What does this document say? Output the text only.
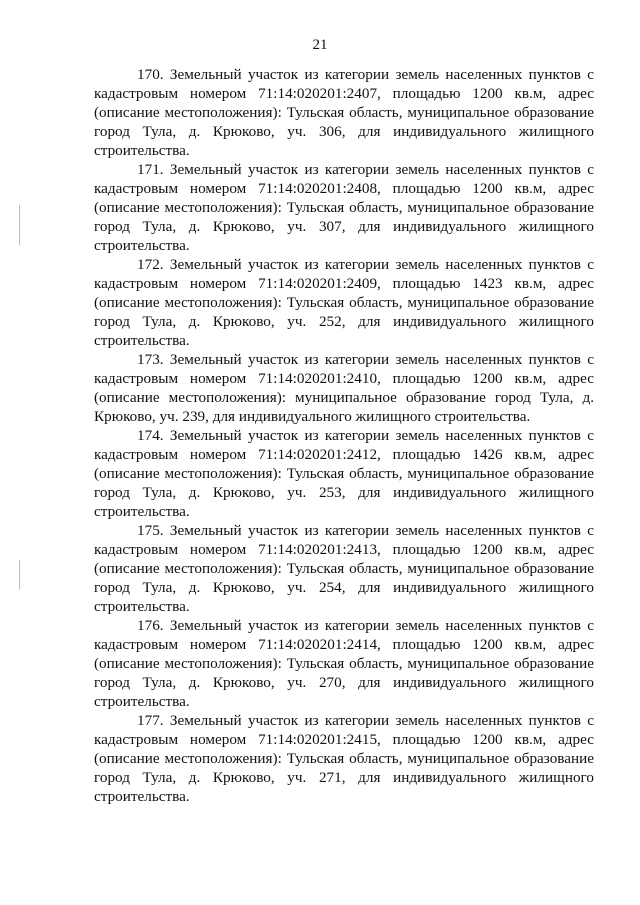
21

170. Земельный участок из категории земель населенных пунктов с кадастровым номером 71:14:020201:2407, площадью 1200 кв.м, адрес (описание местоположения): Тульская область, муниципальное образование город Тула, д. Крюково, уч. 306, для индивидуального жилищного строительства.

171. Земельный участок из категории земель населенных пунктов с кадастровым номером 71:14:020201:2408, площадью 1200 кв.м, адрес (описание местоположения): Тульская область, муниципальное образование город Тула, д. Крюково, уч. 307, для индивидуального жилищного строительства.

172. Земельный участок из категории земель населенных пунктов с кадастровым номером 71:14:020201:2409, площадью 1423 кв.м, адрес (описание местоположения): Тульская область, муниципальное образование город Тула, д. Крюково, уч. 252, для индивидуального жилищного строительства.

173. Земельный участок из категории земель населенных пунктов с кадастровым номером 71:14:020201:2410, площадью 1200 кв.м, адрес (описание местоположения): муниципальное образование город Тула, д. Крюково, уч. 239, для индивидуального жилищного строительства.

174. Земельный участок из категории земель населенных пунктов с кадастровым номером 71:14:020201:2412, площадью 1426 кв.м, адрес (описание местоположения): Тульская область, муниципальное образование город Тула, д. Крюково, уч. 253, для индивидуального жилищного строительства.

175. Земельный участок из категории земель населенных пунктов с кадастровым номером 71:14:020201:2413, площадью 1200 кв.м, адрес (описание местоположения): Тульская область, муниципальное образование город Тула, д. Крюково, уч. 254, для индивидуального жилищного строительства.

176. Земельный участок из категории земель населенных пунктов с кадастровым номером 71:14:020201:2414, площадью 1200 кв.м, адрес (описание местоположения): Тульская область, муниципальное образование город Тула, д. Крюково, уч. 270, для индивидуального жилищного строительства.

177. Земельный участок из категории земель населенных пунктов с кадастровым номером 71:14:020201:2415, площадью 1200 кв.м, адрес (описание местоположения): Тульская область, муниципальное образование город Тула, д. Крюково, уч. 271, для индивидуального жилищного строительства.
